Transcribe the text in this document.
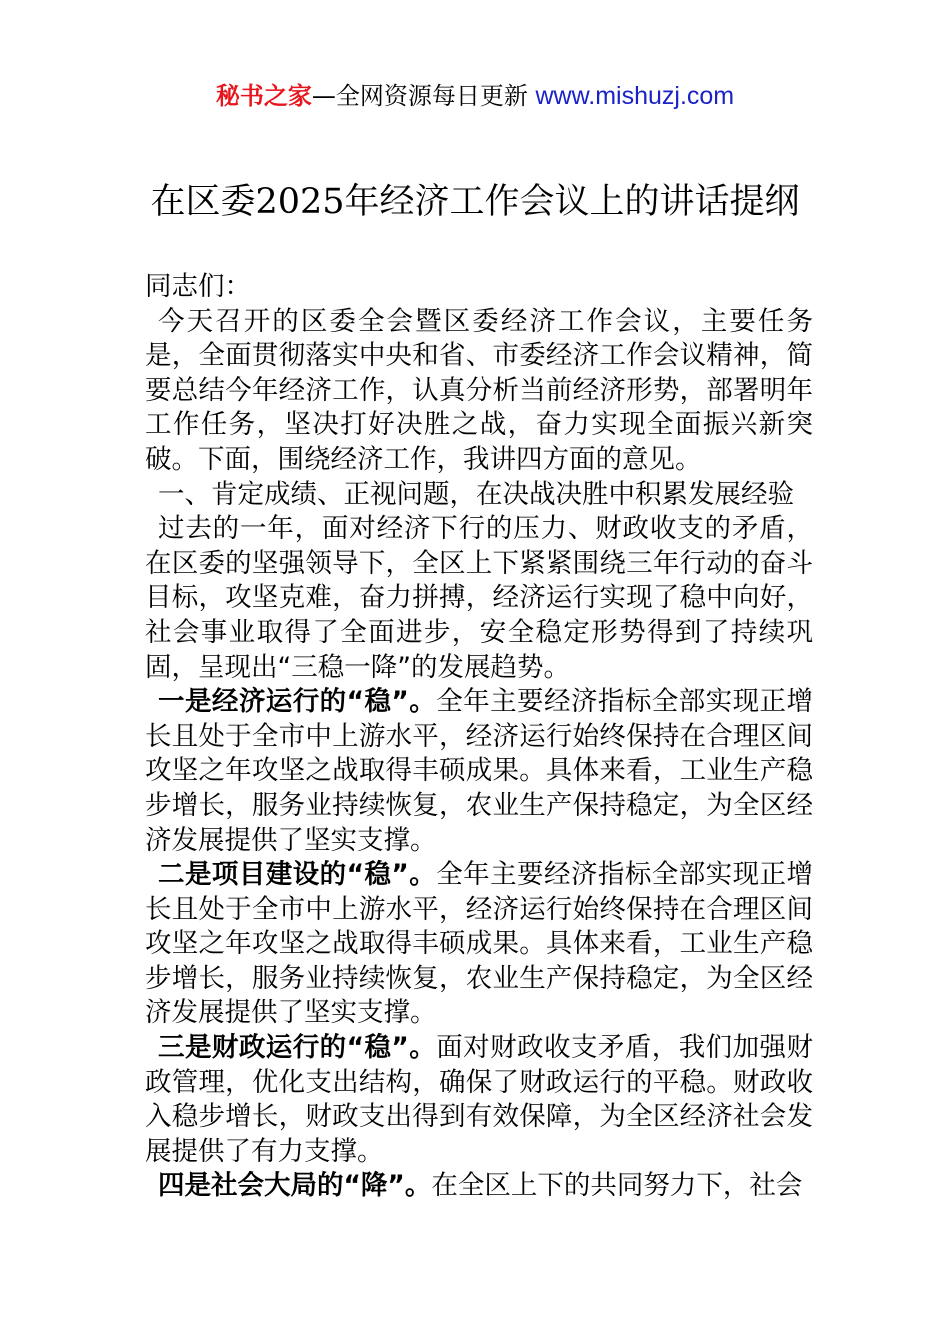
秘书之家—全网资源每日更新 www.mishuzj.com
在区委2025年经济工作会议上的讲话提纲

同志们：

今天召开的区委全会暨区委经济工作会议，主要任务是，全面贯彻落实中央和省、市委经济工作会议精神，简要总结今年经济工作，认真分析当前经济形势，部署明年工作任务，坚决打好决胜之战，奋力实现全面振兴新突破。下面，围绕经济工作，我讲四方面的意见。

一、肯定成绩、正视问题，在决战决胜中积累发展经验

过去的一年，面对经济下行的压力、财政收支的矛盾，在区委的坚强领导下，全区上下紧紧围绕三年行动的奋斗目标，攻坚克难，奋力拼搏，经济运行实现了稳中向好，社会事业取得了全面进步，安全稳定形势得到了持续巩固，呈现出“三稳一降”的发展趋势。

一是经济运行的“稳”。全年主要经济指标全部实现正增长且处于全市中上游水平，经济运行始终保持在合理区间攻坚之年攻坚之战取得丰硕成果。具体来看，工业生产稳步增长，服务业持续恢复，农业生产保持稳定，为全区经济发展提供了坚实支撑。

二是项目建设的“稳”。全年主要经济指标全部实现正增长且处于全市中上游水平，经济运行始终保持在合理区间攻坚之年攻坚之战取得丰硕成果。具体来看，工业生产稳步增长，服务业持续恢复，农业生产保持稳定，为全区经济发展提供了坚实支撑。

三是财政运行的“稳”。面对财政收支矛盾，我们加强财政管理，优化支出结构，确保了财政运行的平稳。财政收入稳步增长，财政支出得到有效保障，为全区经济社会发展提供了有力支撑。

四是社会大局的“降”。在全区上下的共同努力下，社会
